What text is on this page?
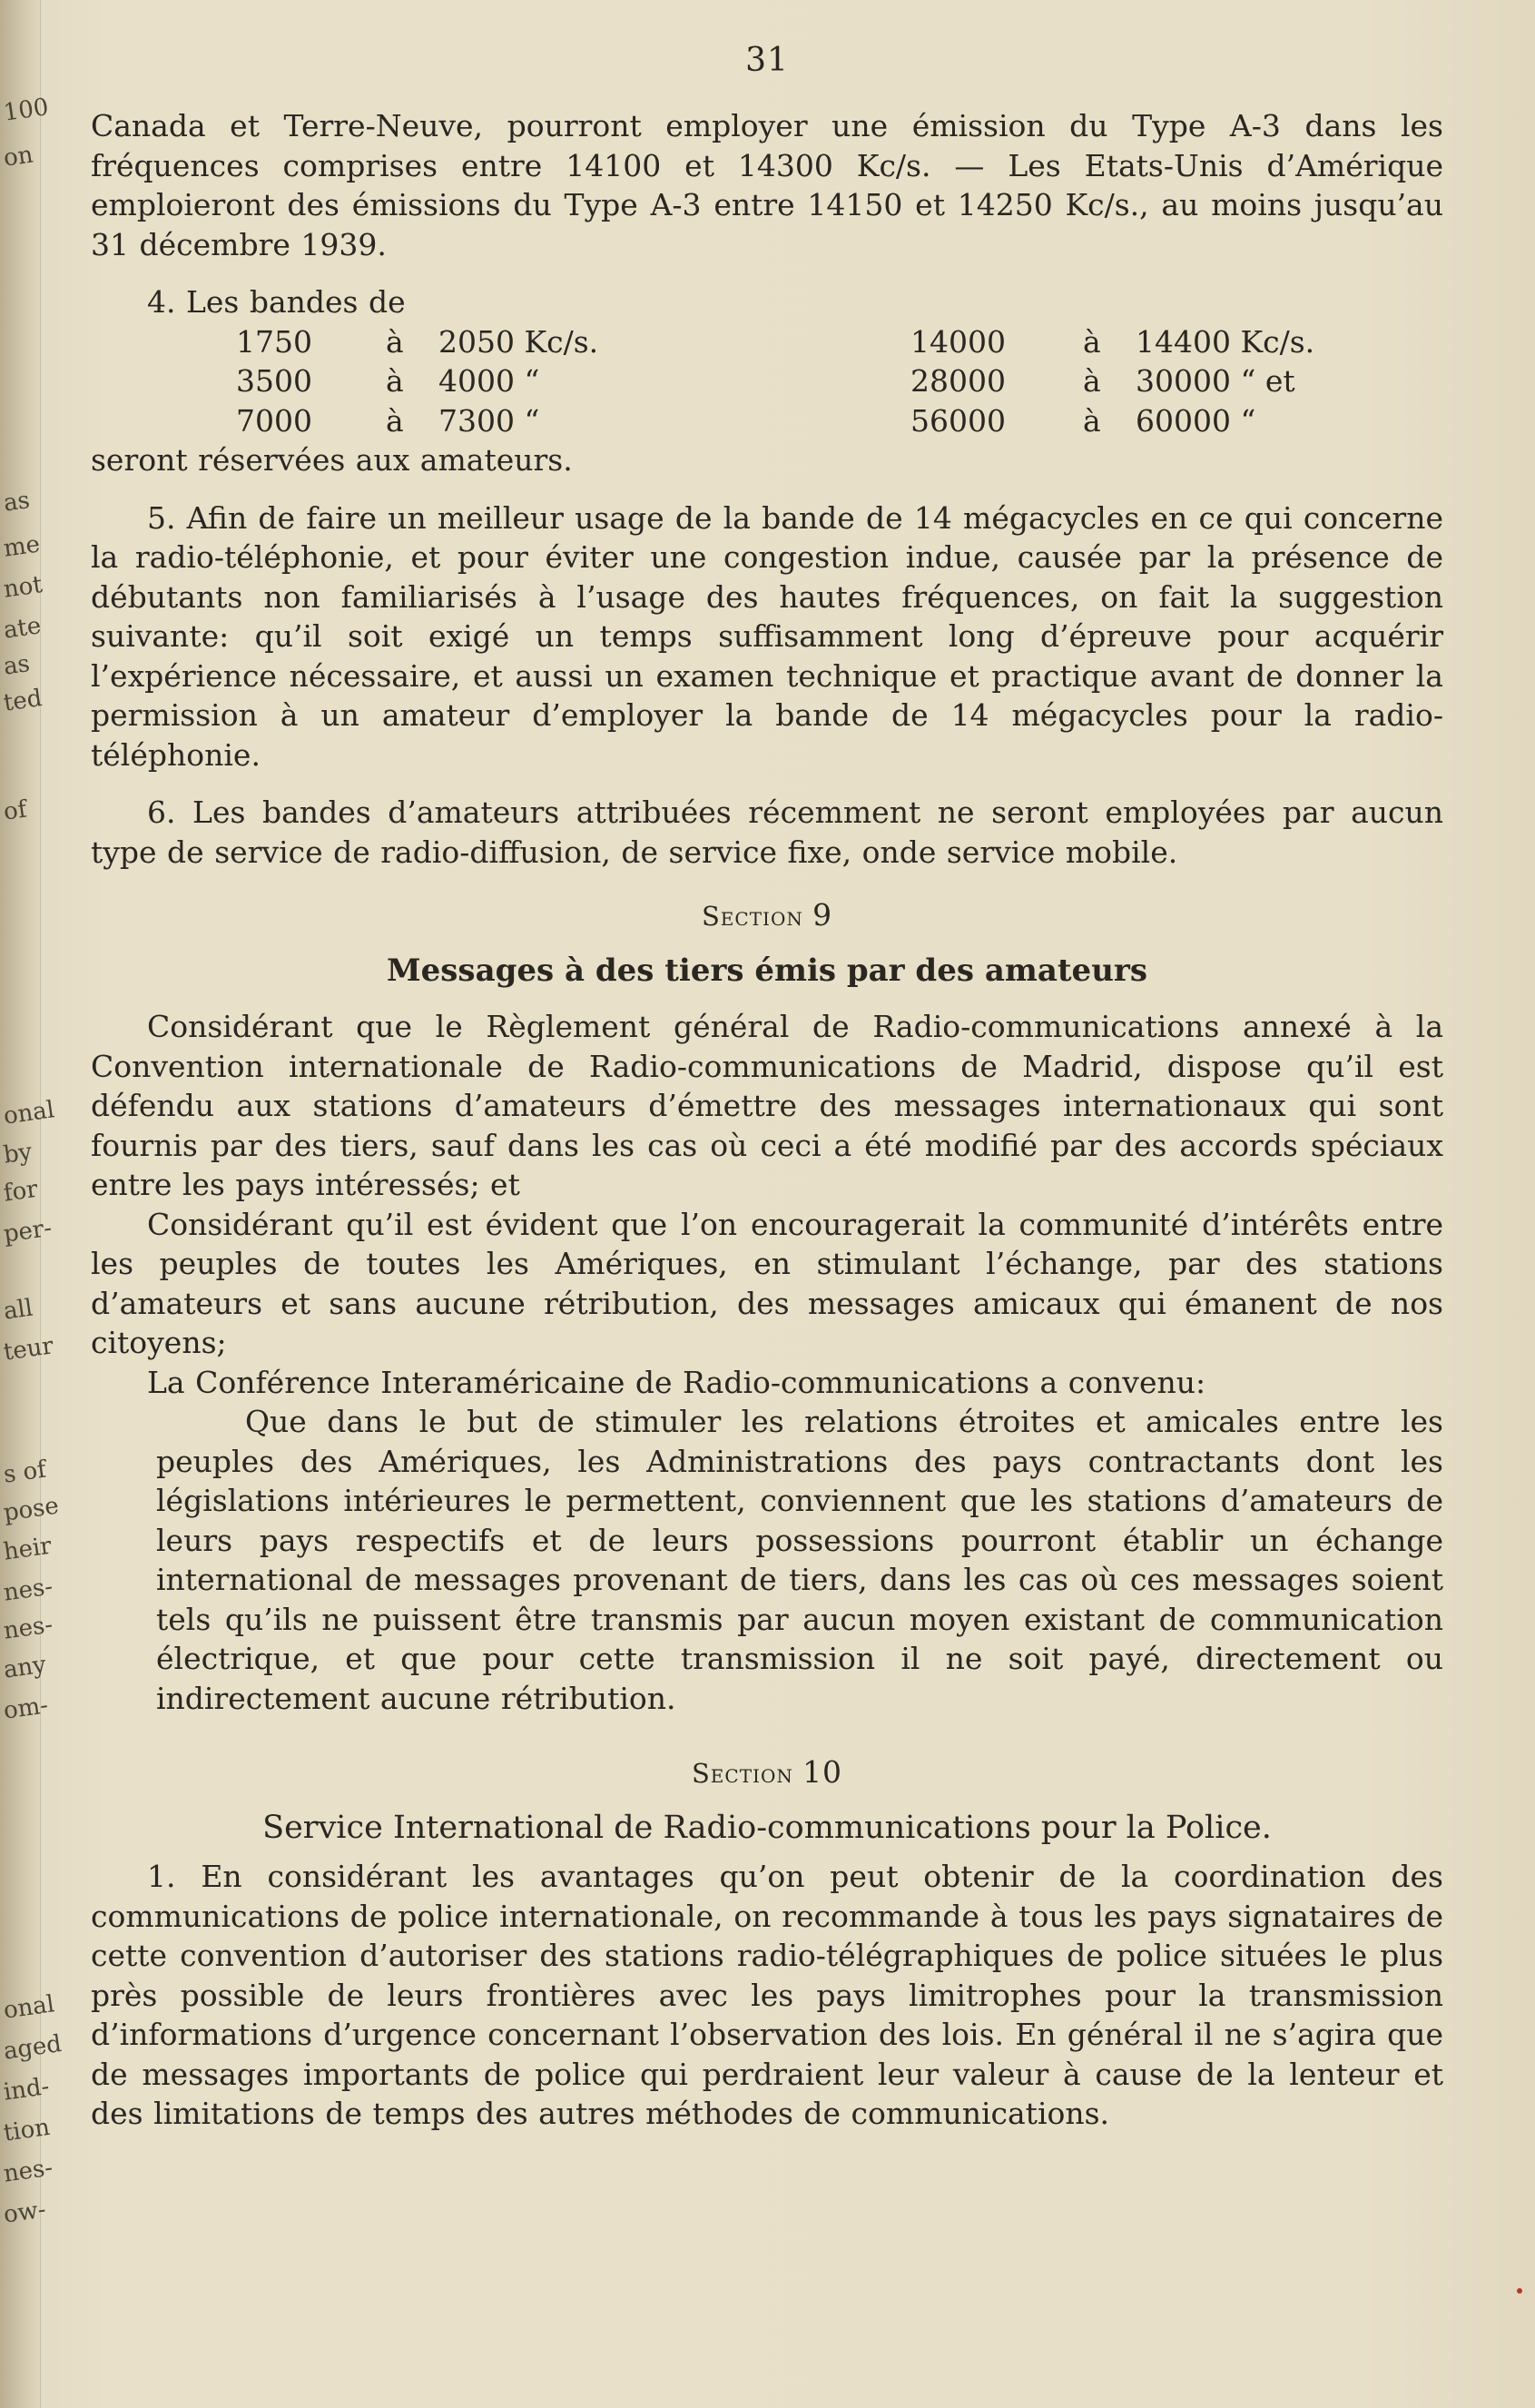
100
on
as
me
not
ate
as
ted
of
onal
by
for
per-
all
teur
s of
pose
heir
nes-
nes-
any
om-
onal
aged
ind-
tion
nes-
ow-
31

Canada et Terre-Neuve, pourront employer une émission du Type A-3 dans les fréquences comprises entre 14100 et 14300 Kc/s. — Les Etats-Unis d’Amérique emploieront des émissions du Type A-3 entre 14150 et 14250 Kc/s., au moins jusqu’au 31 décembre 1939.

4. Les bandes de

1750	à	2050 Kc/s.	14000	à	14400 Kc/s.
3500	à	4000 “	28000	à	30000 “ et
7000	à	7300 “	56000	à	60000 “

seront réservées aux amateurs.

5. Afin de faire un meilleur usage de la bande de 14 mégacycles en ce qui concerne la radio-téléphonie, et pour éviter une congestion indue, causée par la présence de débutants non familiarisés à l’usage des hautes fréquences, on fait la suggestion suivante: qu’il soit exigé un temps suffisamment long d’épreuve pour acquérir l’expérience nécessaire, et aussi un examen technique et practique avant de donner la permission à un amateur d’employer la bande de 14 mégacycles pour la radio-téléphonie.

6. Les bandes d’amateurs attribuées récemment ne seront employées par aucun type de service de radio-diffusion, de service fixe, onde service mobile.

Section 9
Messages à des tiers émis par des amateurs

Considérant que le Règlement général de Radio-communications annexé à la Convention internationale de Radio-communications de Madrid, dispose qu’il est défendu aux stations d’amateurs d’émettre des messages internationaux qui sont fournis par des tiers, sauf dans les cas où ceci a été modifié par des accords spéciaux entre les pays intéressés; et

Considérant qu’il est évident que l’on encouragerait la communité d’intérêts entre les peuples de toutes les Amériques, en stimulant l’échange, par des stations d’amateurs et sans aucune rétribution, des messages amicaux qui émanent de nos citoyens;

La Conférence Interaméricaine de Radio-communications a convenu:

Que dans le but de stimuler les relations étroites et amicales entre les peuples des Amériques, les Administrations des pays contractants dont les législations intérieures le permettent, conviennent que les stations d’amateurs de leurs pays respectifs et de leurs possessions pourront établir un échange international de messages provenant de tiers, dans les cas où ces messages soient tels qu’ils ne puissent être transmis par aucun moyen existant de communication électrique, et que pour cette transmission il ne soit payé, directement ou indirectement aucune rétribution.

Section 10
Service International de Radio-communications pour la Police.

1. En considérant les avantages qu’on peut obtenir de la coordination des communications de police internationale, on recommande à tous les pays signataires de cette convention d’autoriser des stations radio-télégraphiques de police situées le plus près possible de leurs frontières avec les pays limitrophes pour la transmission d’informations d’urgence concernant l’observation des lois. En général il ne s’agira que de messages importants de police qui perdraient leur valeur à cause de la lenteur et des limitations de temps des autres méthodes de communications.
